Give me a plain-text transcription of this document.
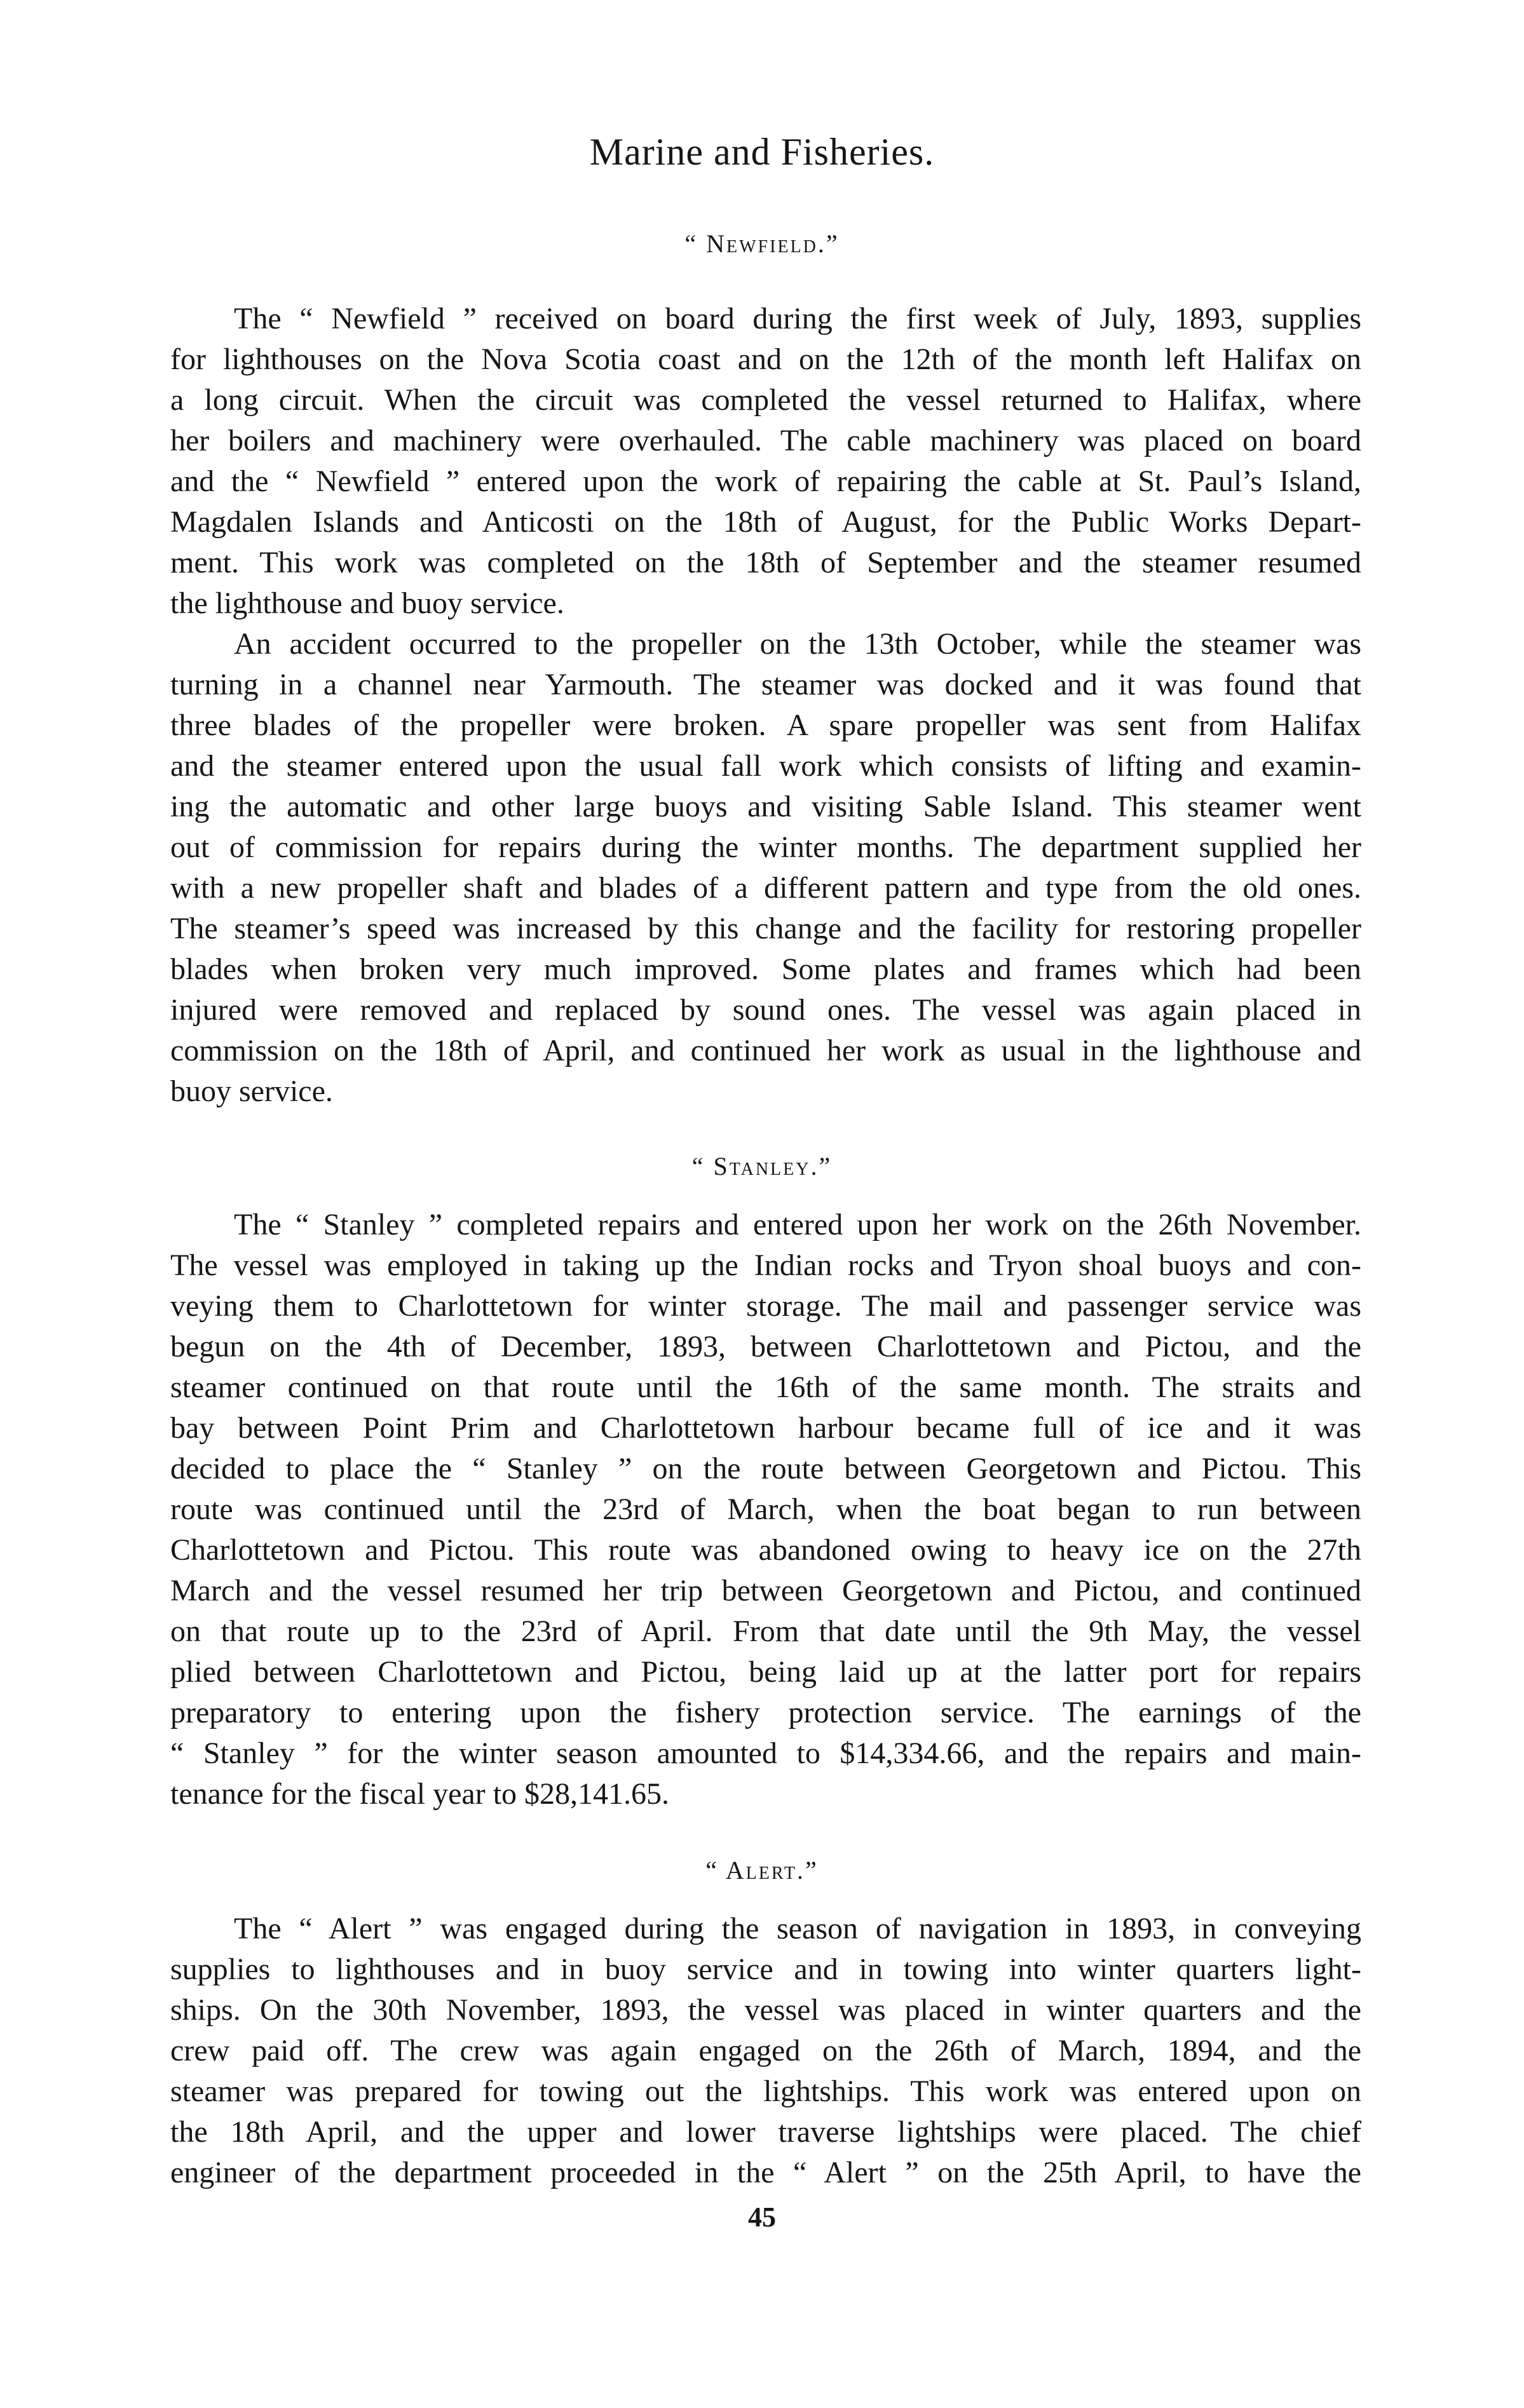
Marine and Fisheries.
“ Newfield.”
The “ Newfield ” received on board during the first week of July, 1893, supplies
for lighthouses on the Nova Scotia coast and on the 12th of the month left Halifax on
a long circuit. When the circuit was completed the vessel returned to Halifax, where
her boilers and machinery were overhauled. The cable machinery was placed on board
and the “ Newfield ” entered upon the work of repairing the cable at St. Paul’s Island,
Magdalen Islands and Anticosti on the 18th of August, for the Public Works Depart-
ment. This work was completed on the 18th of September and the steamer resumed
the lighthouse and buoy service.
An accident occurred to the propeller on the 13th October, while the steamer was
turning in a channel near Yarmouth. The steamer was docked and it was found that
three blades of the propeller were broken. A spare propeller was sent from Halifax
and the steamer entered upon the usual fall work which consists of lifting and examin-
ing the automatic and other large buoys and visiting Sable Island. This steamer went
out of commission for repairs during the winter months. The department supplied her
with a new propeller shaft and blades of a different pattern and type from the old ones.
The steamer’s speed was increased by this change and the facility for restoring propeller
blades when broken very much improved. Some plates and frames which had been
injured were removed and replaced by sound ones. The vessel was again placed in
commission on the 18th of April, and continued her work as usual in the lighthouse and
buoy service.
“ Stanley.”
The “ Stanley ” completed repairs and entered upon her work on the 26th November.
The vessel was employed in taking up the Indian rocks and Tryon shoal buoys and con-
veying them to Charlottetown for winter storage. The mail and passenger service was
begun on the 4th of December, 1893, between Charlottetown and Pictou, and the
steamer continued on that route until the 16th of the same month. The straits and
bay between Point Prim and Charlottetown harbour became full of ice and it was
decided to place the “ Stanley ” on the route between Georgetown and Pictou. This
route was continued until the 23rd of March, when the boat began to run between
Charlottetown and Pictou. This route was abandoned owing to heavy ice on the 27th
March and the vessel resumed her trip between Georgetown and Pictou, and continued
on that route up to the 23rd of April. From that date until the 9th May, the vessel
plied between Charlottetown and Pictou, being laid up at the latter port for repairs
preparatory to entering upon the fishery protection service. The earnings of the
“ Stanley ” for the winter season amounted to $14,334.66, and the repairs and main-
tenance for the fiscal year to $28,141.65.
“ Alert.”
The “ Alert ” was engaged during the season of navigation in 1893, in conveying
supplies to lighthouses and in buoy service and in towing into winter quarters light-
ships. On the 30th November, 1893, the vessel was placed in winter quarters and the
crew paid off. The crew was again engaged on the 26th of March, 1894, and the
steamer was prepared for towing out the lightships. This work was entered upon on
the 18th April, and the upper and lower traverse lightships were placed. The chief
engineer of the department proceeded in the “ Alert ” on the 25th April, to have the
45
